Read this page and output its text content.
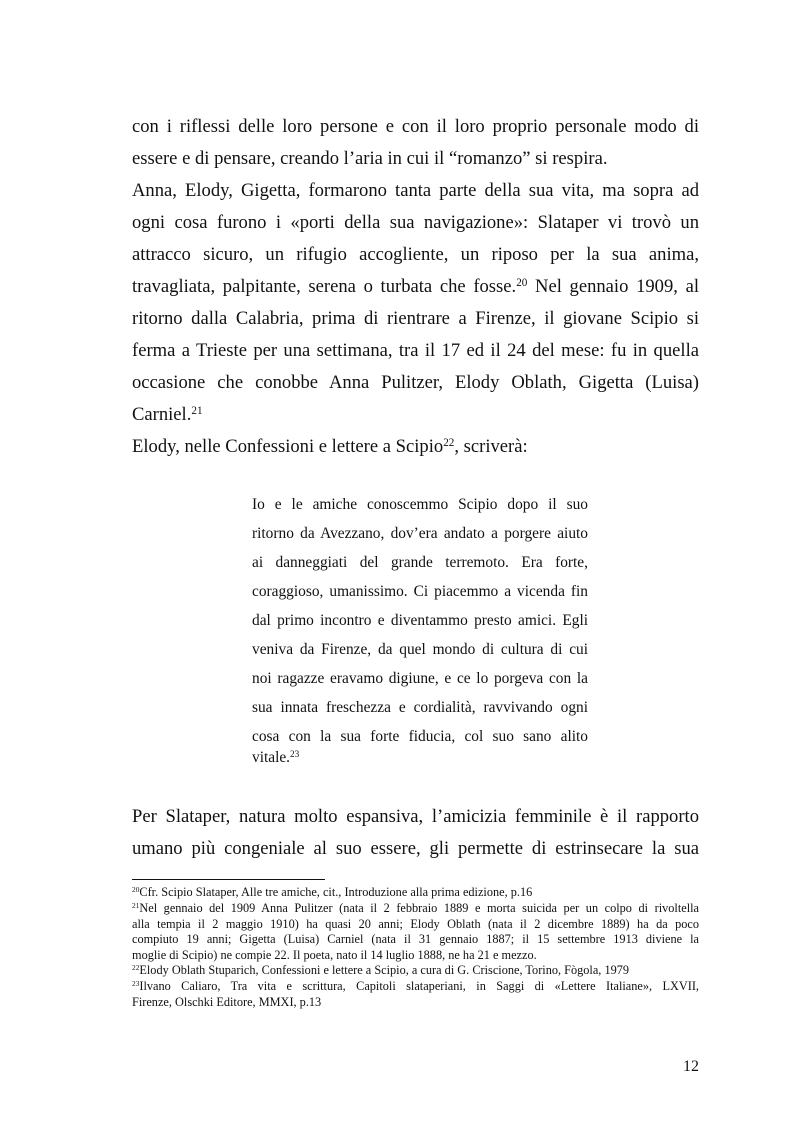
con i riflessi delle loro persone e con il loro proprio personale modo di
essere e di pensare, creando l’aria in cui il “romanzo” si respira.
Anna, Elody, Gigetta, formarono tanta parte della sua vita, ma sopra ad
ogni cosa furono i «porti della sua navigazione»: Slataper vi trovò un
attracco sicuro, un rifugio accogliente, un riposo per la sua anima,
travagliata, palpitante, serena o turbata che fosse.$^{20}$ Nel gennaio 1909, al
ritorno dalla Calabria, prima di rientrare a Firenze, il giovane Scipio si
ferma a Trieste per una settimana, tra il 17 ed il 24 del mese: fu in quella
occasione che conobbe Anna Pulitzer, Elody Oblath, Gigetta (Luisa)
Carniel.$^{21}$
Elody, nelle Confessioni e lettere a Scipio$^{22}$, scriverà:
Io e le amiche conoscemmo Scipio dopo il suo
ritorno da Avezzano, dov’era andato a porgere aiuto
ai danneggiati del grande terremoto. Era forte,
coraggioso, umanissimo. Ci piacemmo a vicenda fin
dal primo incontro e diventammo presto amici. Egli
veniva da Firenze, da quel mondo di cultura di cui
noi ragazze eravamo digiune, e ce lo porgeva con la
sua innata freschezza e cordialità, ravvivando ogni
cosa con la sua forte fiducia, col suo sano alito
vitale.$^{23}$
Per Slataper, natura molto espansiva, l’amicizia femminile è il rapporto
umano più congeniale al suo essere, gli permette di estrinsecare la sua
$^{20}$Cfr. Scipio Slataper, Alle tre amiche, cit., Introduzione alla prima edizione, p.16
$^{21}$Nel gennaio del 1909 Anna Pulitzer (nata il 2 febbraio 1889 e morta suicida per un colpo di rivoltella
alla tempia il 2 maggio 1910) ha quasi 20 anni; Elody Oblath (nata il 2 dicembre 1889) ha da poco
compiuto 19 anni; Gigetta (Luisa) Carniel (nata il 31 gennaio 1887; il 15 settembre 1913 diviene la
moglie di Scipio) ne compie 22. Il poeta, nato il 14 luglio 1888, ne ha 21 e mezzo.
$^{22}$Elody Oblath Stuparich, Confessioni e lettere a Scipio, a cura di G. Criscione, Torino, Fògola, 1979
$^{23}$Ilvano Caliaro, Tra vita e scrittura, Capitoli slataperiani, in Saggi di «Lettere Italiane», LXVII,
Firenze, Olschki Editore, MMXI, p.13
12
